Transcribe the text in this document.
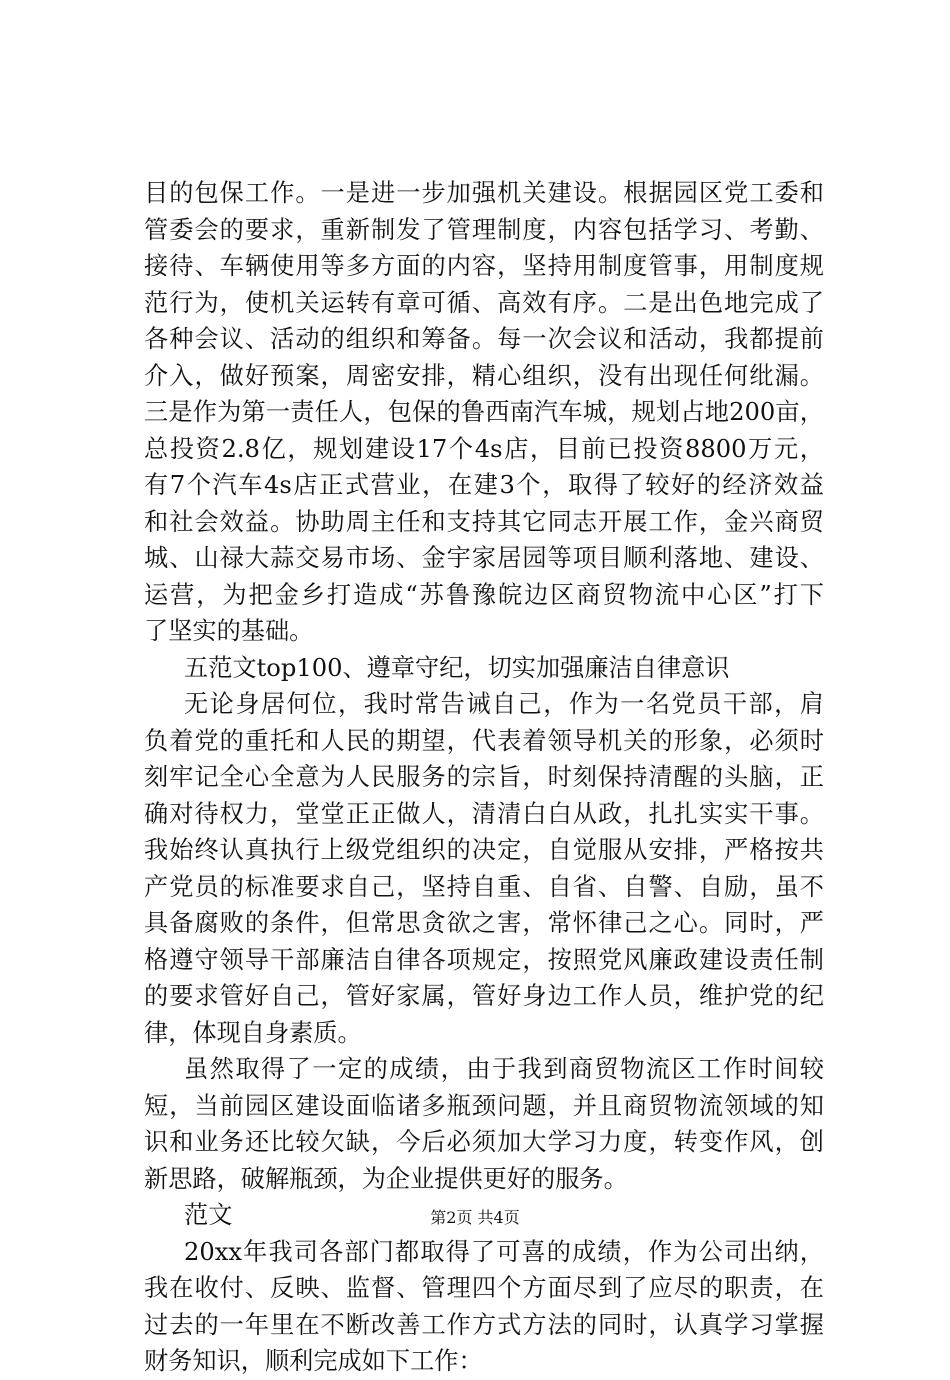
目的包保工作。一是进一步加强机关建设。根据园区党工委和
管委会的要求，重新制发了管理制度，内容包括学习、考勤、
接待、车辆使用等多方面的内容，坚持用制度管事，用制度规
范行为，使机关运转有章可循、高效有序。二是出色地完成了
各种会议、活动的组织和筹备。每一次会议和活动，我都提前
介入，做好预案，周密安排，精心组织，没有出现任何纰漏。
三是作为第一责任人，包保的鲁西南汽车城，规划占地200亩，
总投资2.8亿，规划建设17个4s店，目前已投资8800万元，
有7个汽车4s店正式营业，在建3个，取得了较好的经济效益
和社会效益。协助周主任和支持其它同志开展工作，金兴商贸
城、山禄大蒜交易市场、金宇家居园等项目顺利落地、建设、
运营，为把金乡打造成“苏鲁豫皖边区商贸物流中心区”打下
了坚实的基础。
五范文top100、遵章守纪，切实加强廉洁自律意识
无论身居何位，我时常告诫自己，作为一名党员干部，肩
负着党的重托和人民的期望，代表着领导机关的形象，必须时
刻牢记全心全意为人民服务的宗旨，时刻保持清醒的头脑，正
确对待权力，堂堂正正做人，清清白白从政，扎扎实实干事。
我始终认真执行上级党组织的决定，自觉服从安排，严格按共
产党员的标准要求自己，坚持自重、自省、自警、自励，虽不
具备腐败的条件，但常思贪欲之害，常怀律己之心。同时，严
格遵守领导干部廉洁自律各项规定，按照党风廉政建设责任制
的要求管好自己，管好家属，管好身边工作人员，维护党的纪
律，体现自身素质。
虽然取得了一定的成绩，由于我到商贸物流区工作时间较
短，当前园区建设面临诸多瓶颈问题，并且商贸物流领域的知
识和业务还比较欠缺，今后必须加大学习力度，转变作风，创
新思路，破解瓶颈，为企业提供更好的服务。
范文
20xx年我司各部门都取得了可喜的成绩，作为公司出纳，
我在收付、反映、监督、管理四个方面尽到了应尽的职责，在
过去的一年里在不断改善工作方式方法的同时，认真学习掌握
财务知识，顺利完成如下工作：
第2页 共4页
